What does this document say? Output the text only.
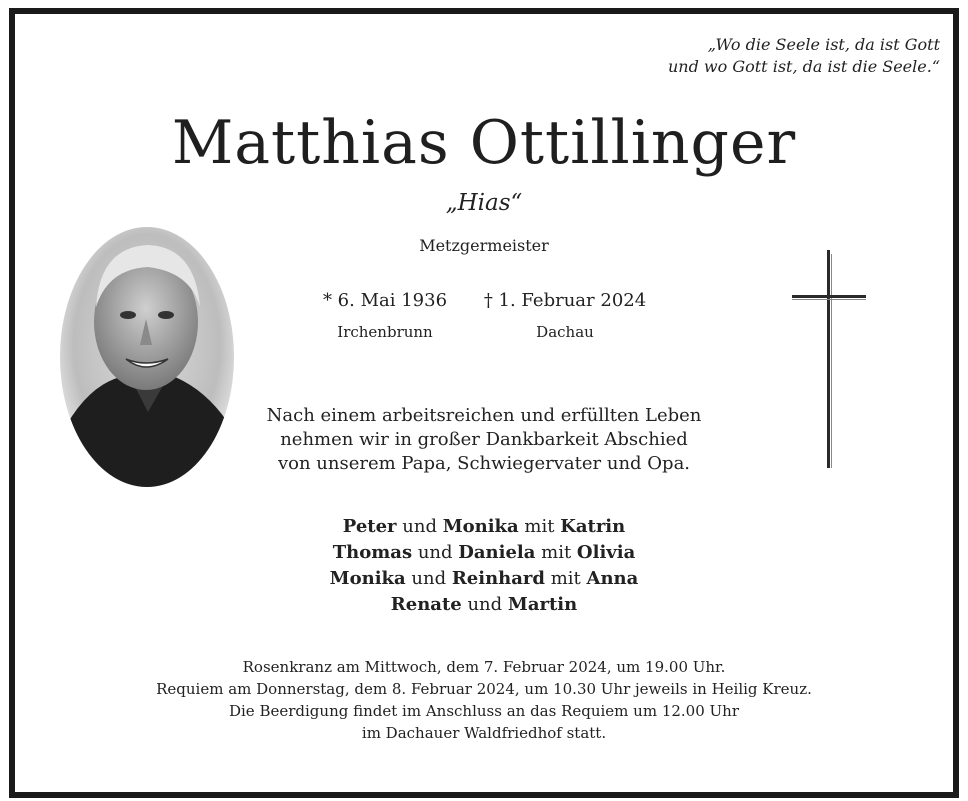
„Wo die Seele ist, da ist Gott
und wo Gott ist, da ist die Seele.“
Matthias Ottillinger
„Hias“
Metzgermeister
* 6. Mai 1936
Irchenbrunn
† 1. Februar 2024
Dachau
Nach einem arbeitsreichen und erfüllten Leben
nehmen wir in großer Dankbarkeit Abschied
von unserem Papa, Schwiegervater und Opa.
Peter und Monika mit Katrin
Thomas und Daniela mit Olivia
Monika und Reinhard mit Anna
Renate und Martin
Rosenkranz am Mittwoch, dem 7. Februar 2024, um 19.00 Uhr.
Requiem am Donnerstag, dem 8. Februar 2024, um 10.30 Uhr jeweils in Heilig Kreuz.
Die Beerdigung findet im Anschluss an das Requiem um 12.00 Uhr
im Dachauer Waldfriedhof statt.
